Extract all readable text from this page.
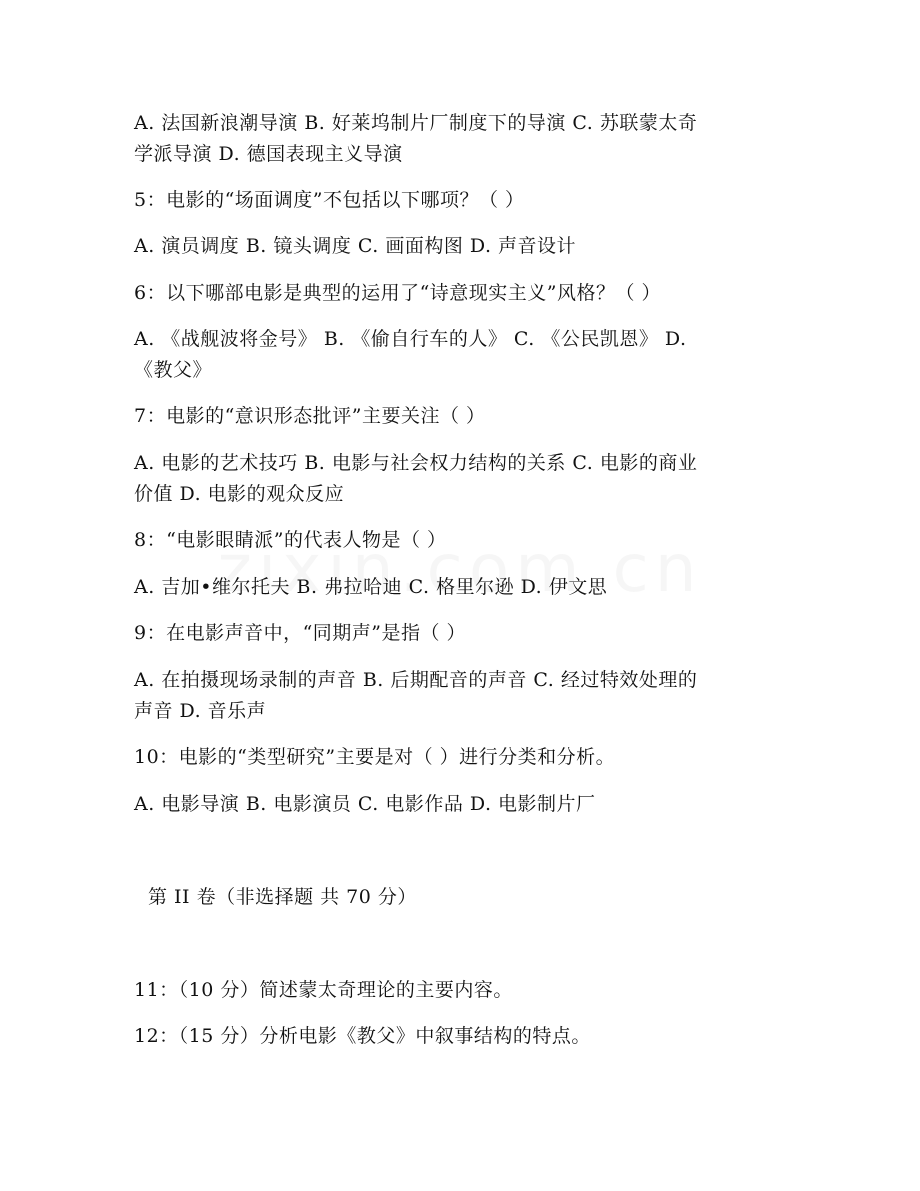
A. 法国新浪潮导演 B. 好莱坞制片厂制度下的导演 C. 苏联蒙太奇
学派导演 D. 德国表现主义导演
5：电影的“场面调度”不包括以下哪项？（ ）
A. 演员调度 B. 镜头调度 C. 画面构图 D. 声音设计
6：以下哪部电影是典型的运用了“诗意现实主义”风格？（ ）
A. 《战舰波将金号》 B. 《偷自行车的人》 C. 《公民凯恩》 D.
《教父》
7：电影的“意识形态批评”主要关注（ ）
A. 电影的艺术技巧 B. 电影与社会权力结构的关系 C. 电影的商业
价值 D. 电影的观众反应
8：“电影眼睛派”的代表人物是（ ）
A. 吉加•维尔托夫 B. 弗拉哈迪 C. 格里尔逊 D. 伊文思
9：在电影声音中，“同期声”是指（ ）
A. 在拍摄现场录制的声音 B. 后期配音的声音 C. 经过特效处理的
声音 D. 音乐声
10：电影的“类型研究”主要是对（ ）进行分类和分析。
A. 电影导演 B. 电影演员 C. 电影作品 D. 电影制片厂
第 II 卷（非选择题 共 70 分）
11：（10 分）简述蒙太奇理论的主要内容。
12：（15 分）分析电影《教父》中叙事结构的特点。
